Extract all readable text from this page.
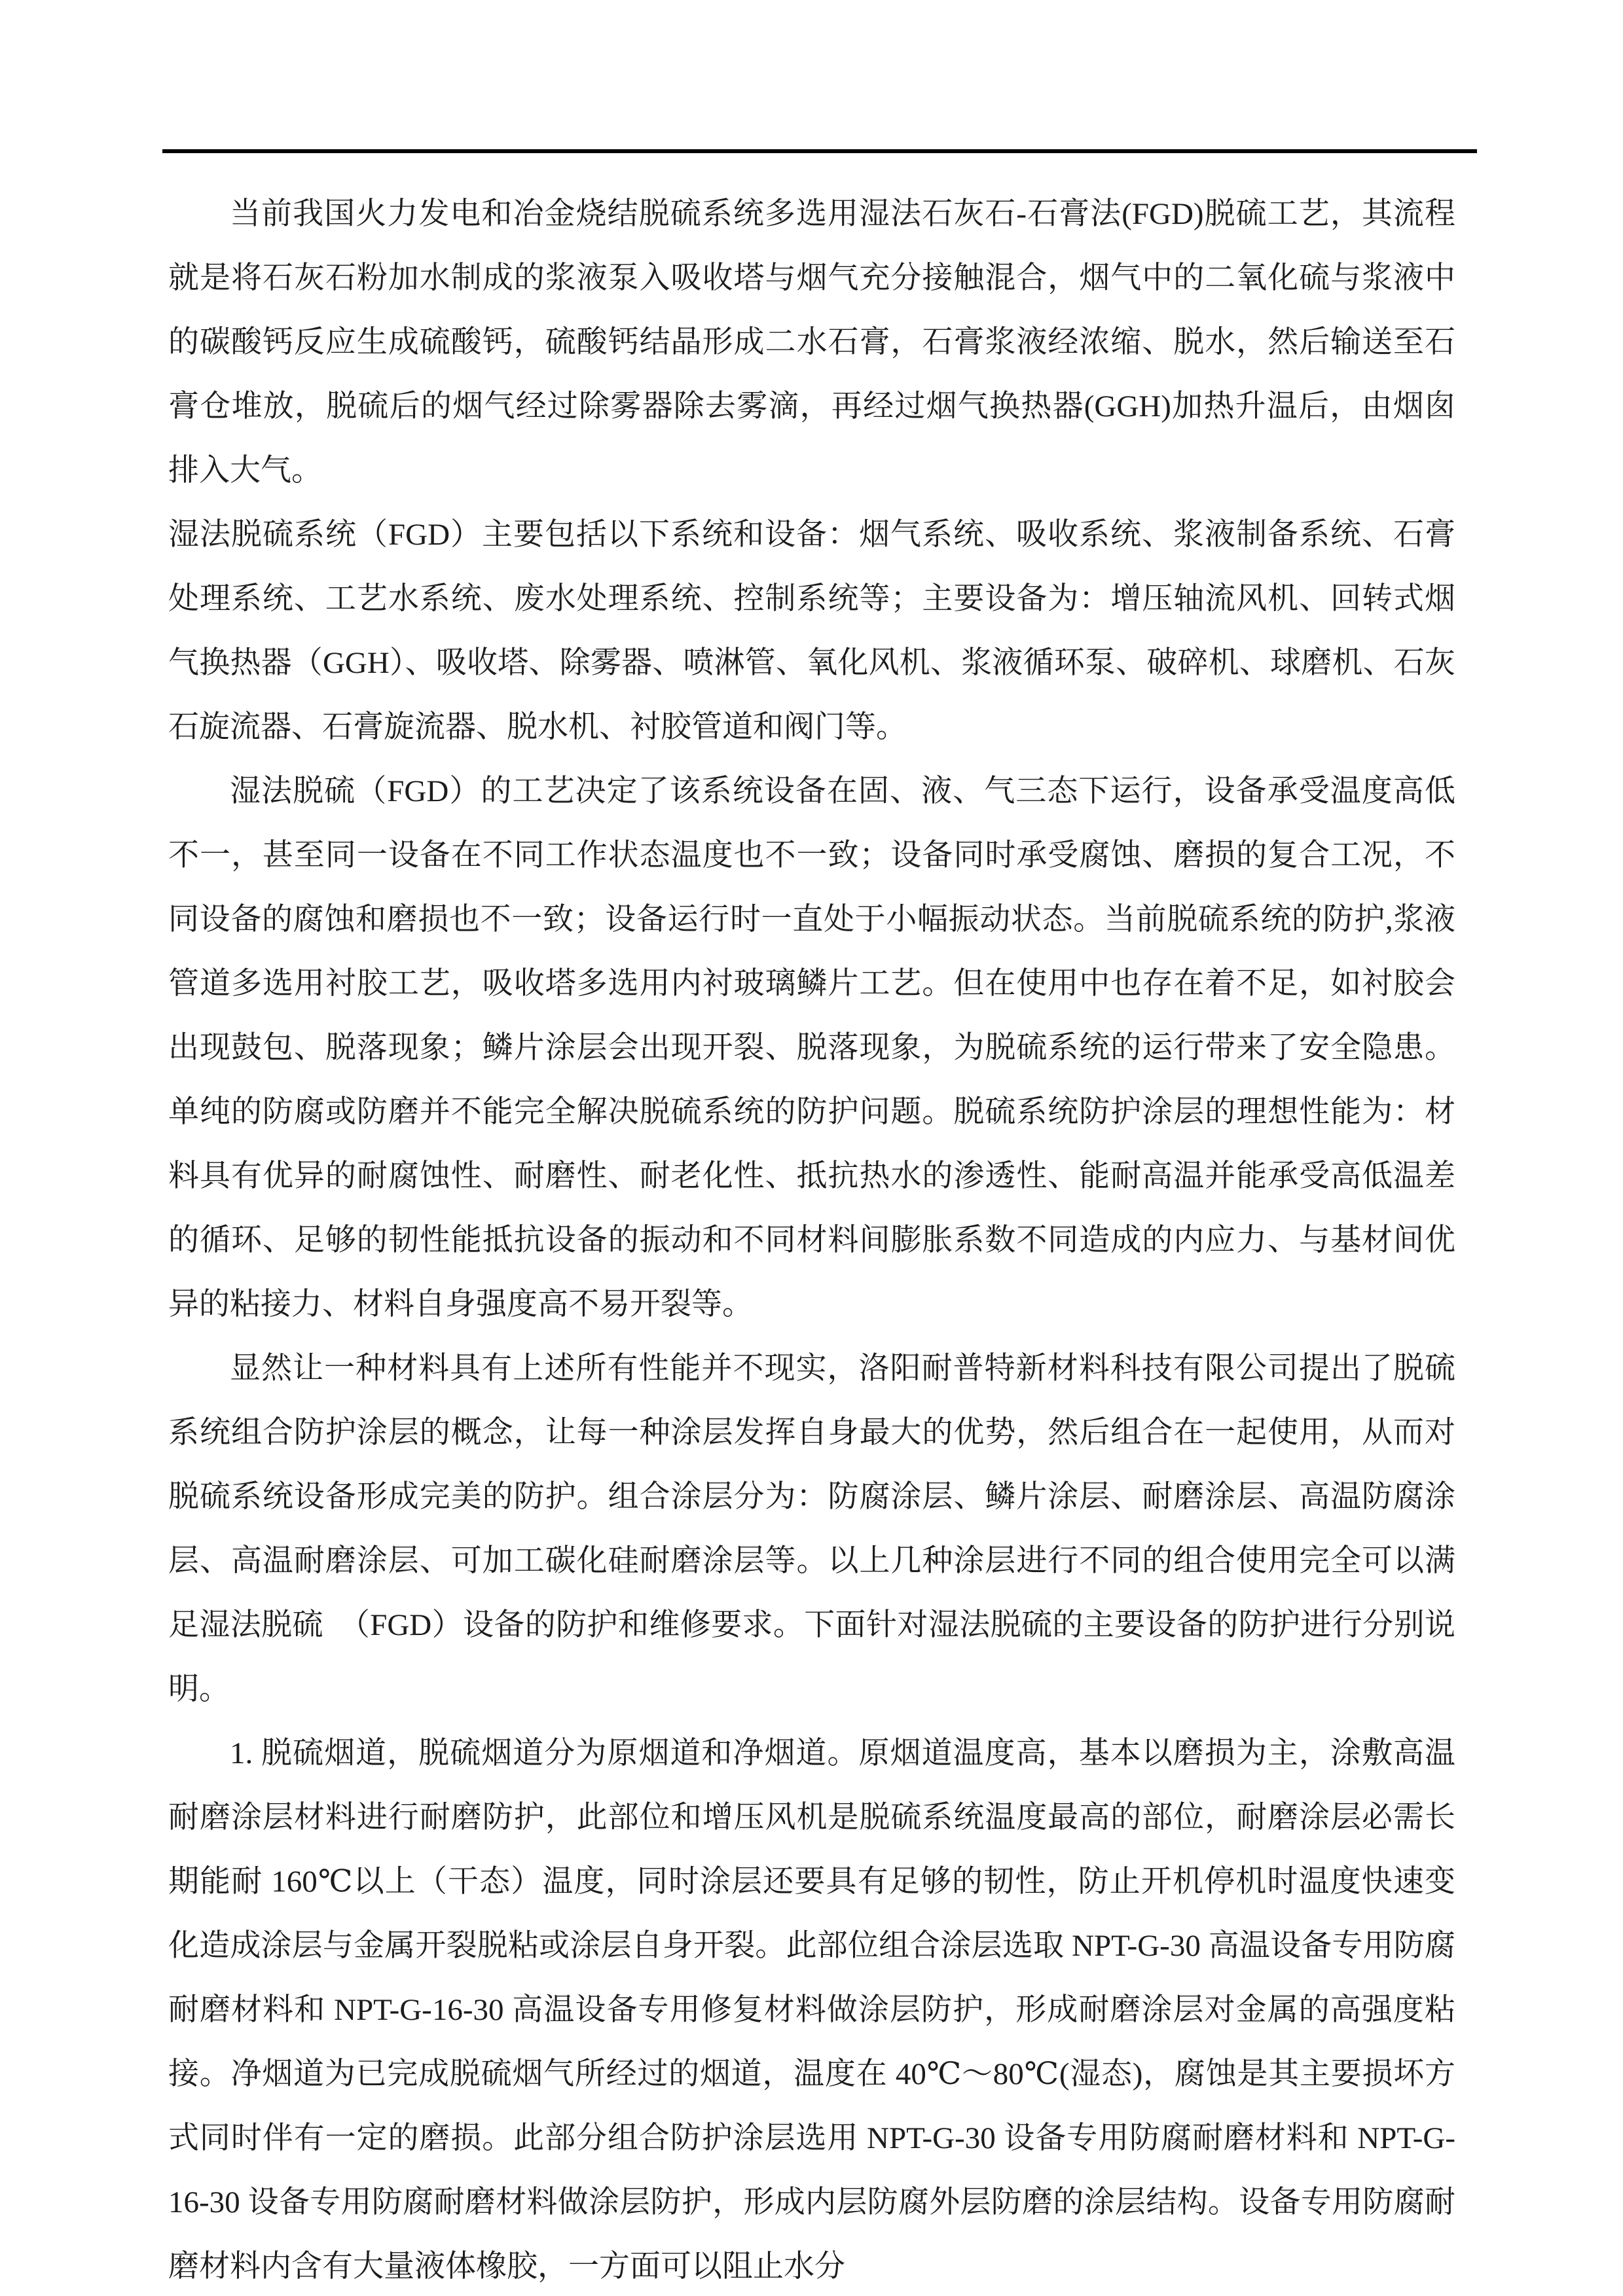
当前我国火力发电和冶金烧结脱硫系统多选用湿法石灰石-石膏法(FGD)脱硫工艺，其流程就是将石灰石粉加水制成的浆液泵入吸收塔与烟气充分接触混合，烟气中的二氧化硫与浆液中的碳酸钙反应生成硫酸钙，硫酸钙结晶形成二水石膏，石膏浆液经浓缩、脱水，然后输送至石膏仓堆放，脱硫后的烟气经过除雾器除去雾滴，再经过烟气换热器(GGH)加热升温后，由烟囱排入大气。

湿法脱硫系统（FGD）主要包括以下系统和设备：烟气系统、吸收系统、浆液制备系统、石膏处理系统、工艺水系统、废水处理系统、控制系统等；主要设备为：增压轴流风机、回转式烟气换热器（GGH）、吸收塔、除雾器、喷淋管、氧化风机、浆液循环泵、破碎机、球磨机、石灰石旋流器、石膏旋流器、脱水机、衬胶管道和阀门等。

湿法脱硫（FGD）的工艺决定了该系统设备在固、液、气三态下运行，设备承受温度高低不一，甚至同一设备在不同工作状态温度也不一致；设备同时承受腐蚀、磨损的复合工况，不同设备的腐蚀和磨损也不一致；设备运行时一直处于小幅振动状态。当前脱硫系统的防护,浆液管道多选用衬胶工艺，吸收塔多选用内衬玻璃鳞片工艺。但在使用中也存在着不足，如衬胶会出现鼓包、脱落现象；鳞片涂层会出现开裂、脱落现象，为脱硫系统的运行带来了安全隐患。单纯的防腐或防磨并不能完全解决脱硫系统的防护问题。脱硫系统防护涂层的理想性能为：材料具有优异的耐腐蚀性、耐磨性、耐老化性、抵抗热水的渗透性、能耐高温并能承受高低温差的循环、足够的韧性能抵抗设备的振动和不同材料间膨胀系数不同造成的内应力、与基材间优异的粘接力、材料自身强度高不易开裂等。

显然让一种材料具有上述所有性能并不现实，洛阳耐普特新材料科技有限公司提出了脱硫系统组合防护涂层的概念，让每一种涂层发挥自身最大的优势，然后组合在一起使用，从而对脱硫系统设备形成完美的防护。组合涂层分为：防腐涂层、鳞片涂层、耐磨涂层、高温防腐涂层、高温耐磨涂层、可加工碳化硅耐磨涂层等。以上几种涂层进行不同的组合使用完全可以满足湿法脱硫　（FGD）设备的防护和维修要求。下面针对湿法脱硫的主要设备的防护进行分别说明。

1. 脱硫烟道，脱硫烟道分为原烟道和净烟道。原烟道温度高，基本以磨损为主，涂敷高温耐磨涂层材料进行耐磨防护，此部位和增压风机是脱硫系统温度最高的部位，耐磨涂层必需长期能耐 160℃以上（干态）温度，同时涂层还要具有足够的韧性，防止开机停机时温度快速变化造成涂层与金属开裂脱粘或涂层自身开裂。此部位组合涂层选取 NPT-G-30 高温设备专用防腐耐磨材料和 NPT-G-16-30 高温设备专用修复材料做涂层防护，形成耐磨涂层对金属的高强度粘接。净烟道为已完成脱硫烟气所经过的烟道，温度在 40℃～80℃(湿态)，腐蚀是其主要损坏方式同时伴有一定的磨损。此部分组合防护涂层选用 NPT-G-30 设备专用防腐耐磨材料和 NPT-G-16-30 设备专用防腐耐磨材料做涂层防护，形成内层防腐外层防磨的涂层结构。设备专用防腐耐磨材料内含有大量液体橡胶，一方面可以阻止水分
